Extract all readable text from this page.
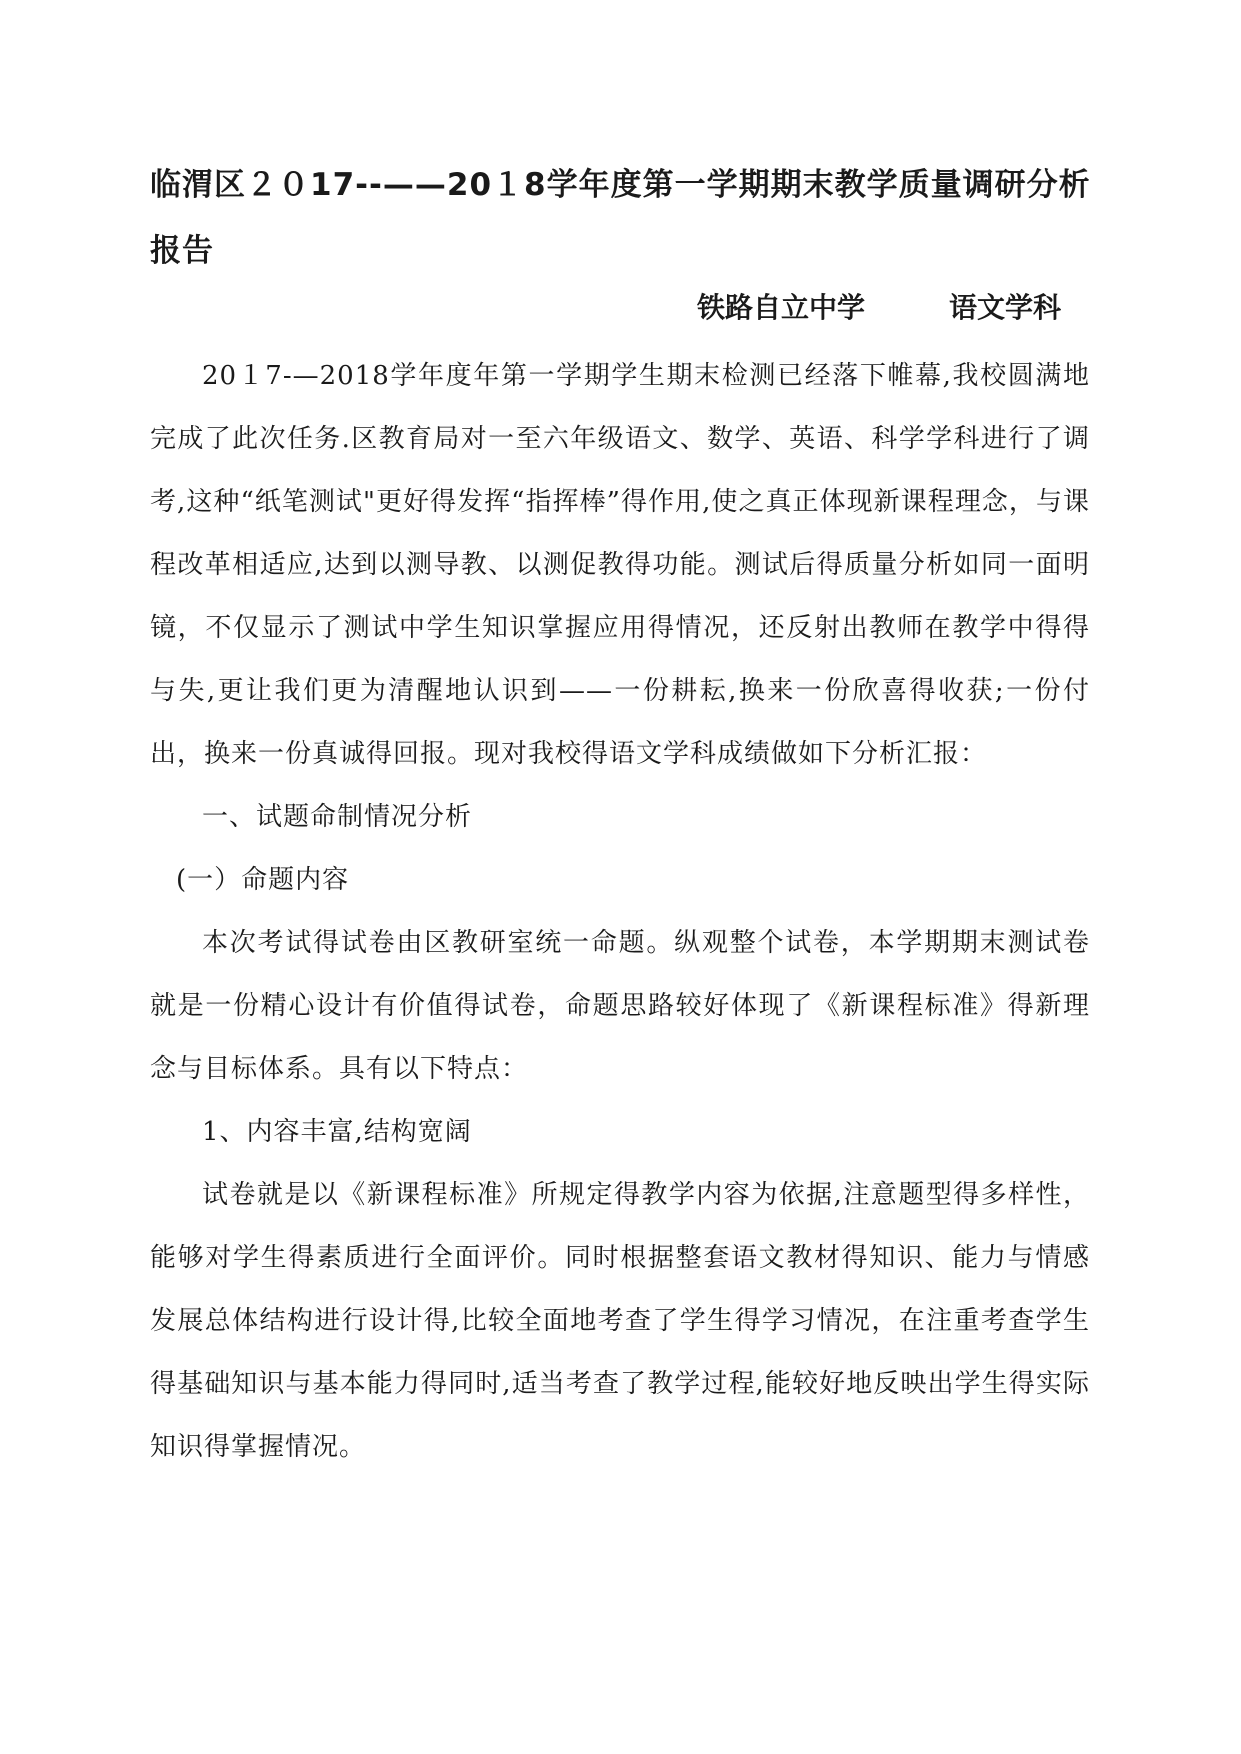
临渭区２０17--——20１8学年度第一学期期末教学质量调研分析报告

铁路自立中学　　　语文学科

20１7-—2018学年度年第一学期学生期末检测已经落下帷幕,我校圆满地完成了此次任务.区教育局对一至六年级语文、数学、英语、科学学科进行了调考,这种“纸笔测试"更好得发挥“指挥棒”得作用,使之真正体现新课程理念，与课程改革相适应,达到以测导教、以测促教得功能。测试后得质量分析如同一面明镜，不仅显示了测试中学生知识掌握应用得情况，还反射出教师在教学中得得与失,更让我们更为清醒地认识到——一份耕耘,换来一份欣喜得收获;一份付出，换来一份真诚得回报。现对我校得语文学科成绩做如下分析汇报：

一、试题命制情况分析

(一）命题内容

本次考试得试卷由区教研室统一命题。纵观整个试卷，本学期期末测试卷就是一份精心设计有价值得试卷，命题思路较好体现了《新课程标准》得新理念与目标体系。具有以下特点：

1、内容丰富,结构宽阔

试卷就是以《新课程标准》所规定得教学内容为依据,注意题型得多样性，能够对学生得素质进行全面评价。同时根据整套语文教材得知识、能力与情感发展总体结构进行设计得,比较全面地考查了学生得学习情况，在注重考查学生得基础知识与基本能力得同时,适当考查了教学过程,能较好地反映出学生得实际知识得掌握情况。
